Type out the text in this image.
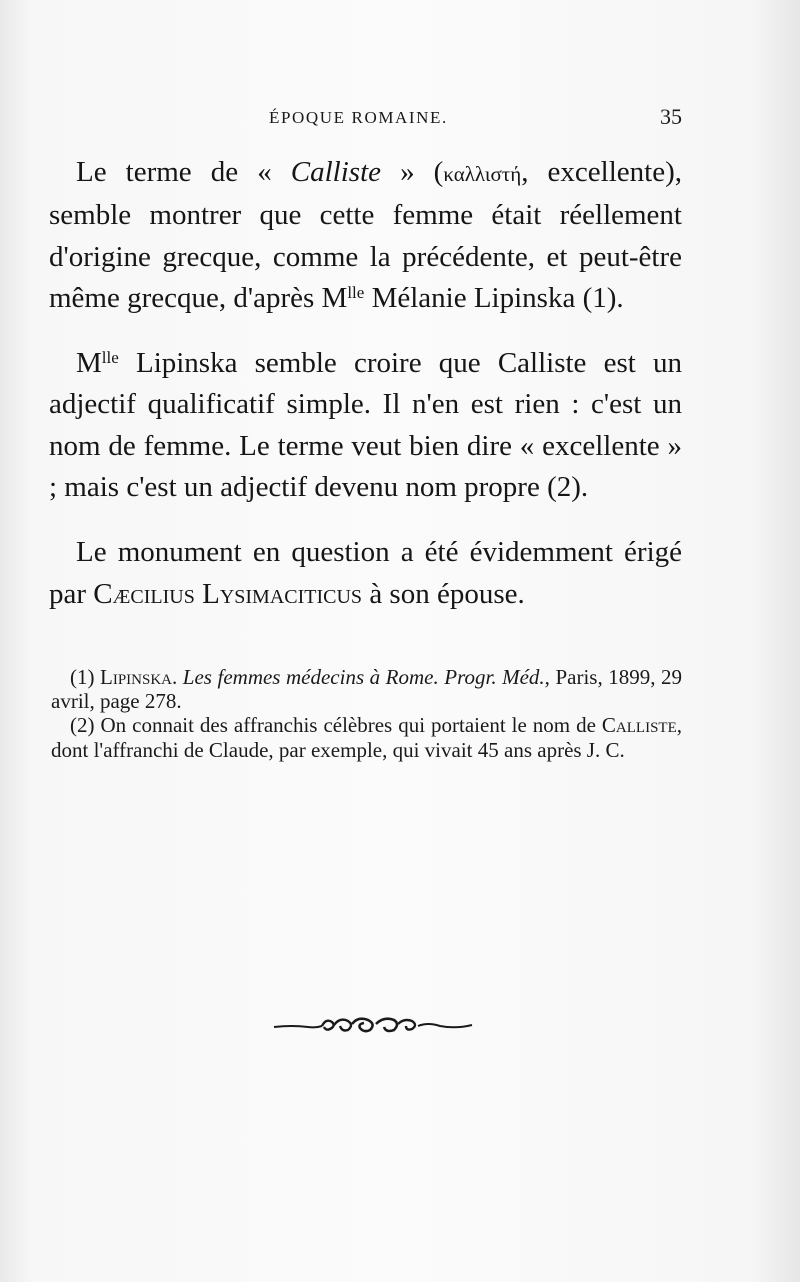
ÉPOQUE ROMAINE.	35

Le terme de « Calliste » (καλλιστή, excellente), semble montrer que cette femme était réellement d'origine grecque, comme la précédente, et peut-être même grecque, d'après $M^{lle}$ Mélanie Lipinska (1).

$M^{lle}$ Lipinska semble croire que Calliste est un adjectif qualificatif simple. Il n'en est rien : c'est un nom de femme. Le terme veut bien dire « excellente » ; mais c'est un adjectif devenu nom propre (2).

Le monument en question a été évidemment érigé par Cæcilius Lysimaciticus à son épouse.

(1) Lipinska. Les femmes médecins à Rome. Progr. Méd., Paris, 1899, 29 avril, page 278.

(2) On connait des affranchis célèbres qui portaient le nom de Calliste, dont l'affranchi de Claude, par exemple, qui vivait 45 ans après J. C.
